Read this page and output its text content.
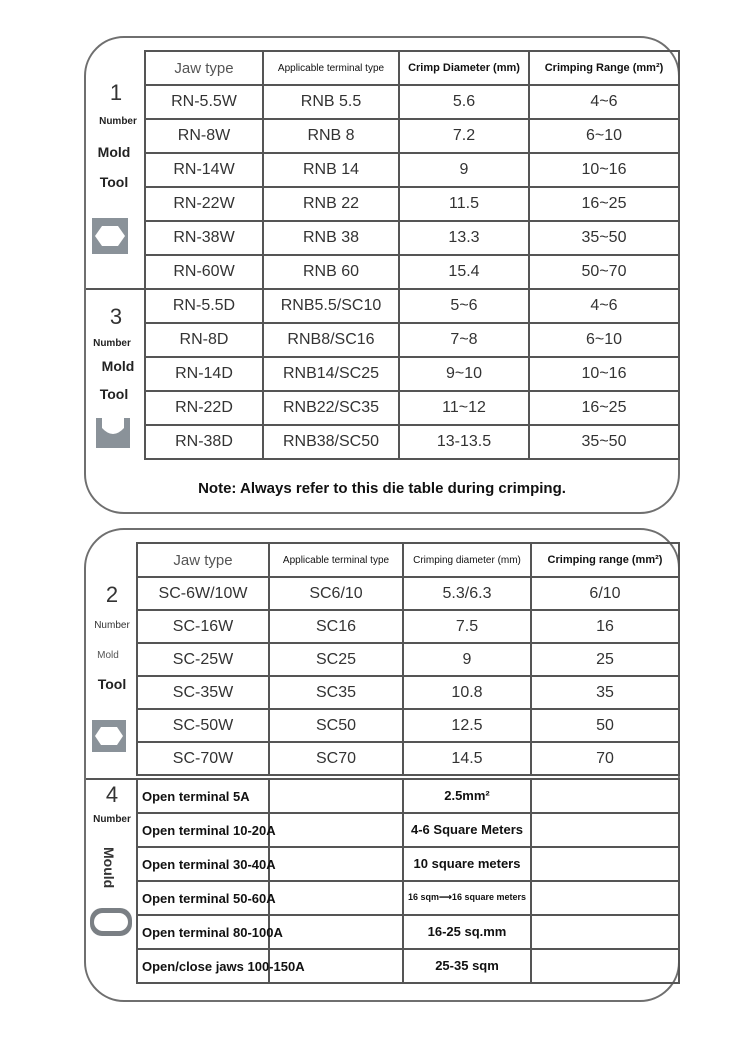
Jaw type	Applicable terminal type	Crimp Diameter (mm)	Crimping Range (mm²)
RN-5.5W	RNB 5.5	5.6	4~6
RN-8W	RNB 8	7.2	6~10
RN-14W	RNB 14	9	10~16
RN-22W	RNB 22	11.5	16~25
RN-38W	RNB 38	13.3	35~50
RN-60W	RNB 60	15.4	50~70
RN-5.5D	RNB5.5/SC10	5~6	4~6
RN-8D	RNB8/SC16	7~8	6~10
RN-14D	RNB14/SC25	9~10	10~16
RN-22D	RNB22/SC35	11~12	16~25
RN-38D	RNB38/SC50	13-13.5	35~50
1
Number
Mold
Tool
3
Number
Mold
Tool
Note: Always refer to this die table during crimping.
Jaw type	Applicable terminal type	Crimping diameter (mm)	Crimping range (mm²)
SC-6W/10W	SC6/10	5.3/6.3	6/10
SC-16W	SC16	7.5	16
SC-25W	SC25	9	25
SC-35W	SC35	10.8	35
SC-50W	SC50	12.5	50
SC-70W	SC70	14.5	70
Open terminal 5A		2.5mm²	
Open terminal 10-20A		4-6 Square Meters	
Open terminal 30-40A		10 square meters	
Open terminal 50-60A		16 sqm⟶16 square meters	
Open terminal 80-100A		16-25 sq.mm	
Open/close jaws 100-150A		25-35 sqm	
2
Number
Mold
Tool
4
Number
Mould
